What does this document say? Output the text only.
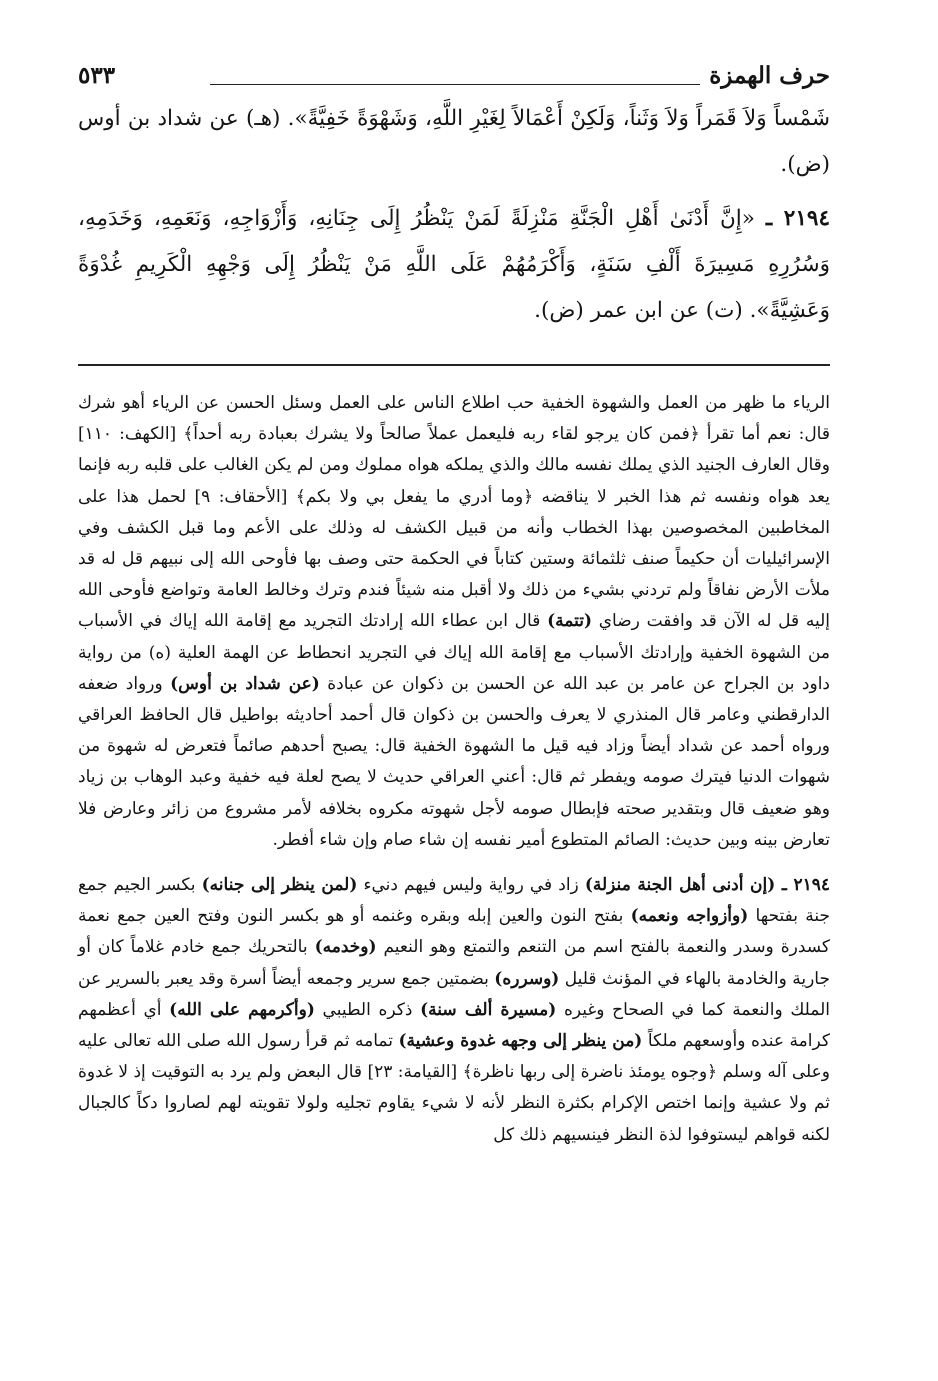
حرف الهمزة
٥٣٣

شَمْساً وَلاَ قَمَراً وَلاَ وَثَناً، وَلَكِنْ أَعْمَالاً لِغَيْرِ اللَّهِ، وَشَهْوَةً خَفِيَّةً». (هـ) عن شداد بن أوس (ض).

٢١٩٤ ـ «إِنَّ أَدْنَىٰ أَهْلِ الْجَنَّةِ مَنْزِلَةً لَمَنْ يَنْظُرُ إِلَى جِنَانِهِ، وَأَزْوَاجِهِ، وَنَعَمِهِ، وَخَدَمِهِ، وَسُرُرِهِ مَسِيرَةَ أَلْفِ سَنَةٍ، وَأَكْرَمُهُمْ عَلَى اللَّهِ مَنْ يَنْظُرُ إِلَى وَجْهِهِ الْكَرِيمِ غُدْوَةً وَعَشِيَّةً». (ت) عن ابن عمر (ض).

الرياء ما ظهر من العمل والشهوة الخفية حب اطلاع الناس على العمل وسئل الحسن عن الرياء أهو شرك قال: نعم أما تقرأ ﴿فمن كان يرجو لقاء ربه فليعمل عملاً صالحاً ولا يشرك بعبادة ربه أحداً﴾ [الكهف: ١١٠] وقال العارف الجنيد الذي يملك نفسه مالك والذي يملكه هواه مملوك ومن لم يكن الغالب على قلبه ربه فإنما يعد هواه ونفسه ثم هذا الخبر لا يناقضه ﴿وما أدري ما يفعل بي ولا بكم﴾ [الأحقاف: ٩] لحمل هذا على المخاطبين المخصوصين بهذا الخطاب وأنه من قبيل الكشف له وذلك على الأعم وما قبل الكشف وفي الإسرائيليات أن حكيماً صنف ثلثمائة وستين كتاباً في الحكمة حتى وصف بها فأوحى الله إلى نبيهم قل له قد ملأت الأرض نفاقاً ولم تردني بشيء من ذلك ولا أقبل منه شيئاً فندم وترك وخالط العامة وتواضع فأوحى الله إليه قل له الآن قد وافقت رضاي (تتمة) قال ابن عطاء الله إرادتك التجريد مع إقامة الله إياك في الأسباب من الشهوة الخفية وإرادتك الأسباب مع إقامة الله إياك في التجريد انحطاط عن الهمة العلية (ه) من رواية داود بن الجراح عن عامر بن عبد الله عن الحسن بن ذكوان عن عبادة (عن شداد بن أوس) ورواد ضعفه الدارقطني وعامر قال المنذري لا يعرف والحسن بن ذكوان قال أحمد أحاديثه بواطيل قال الحافظ العراقي ورواه أحمد عن شداد أيضاً وزاد فيه قيل ما الشهوة الخفية قال: يصبح أحدهم صائماً فتعرض له شهوة من شهوات الدنيا فيترك صومه ويفطر ثم قال: أعني العراقي حديث لا يصح لعلة فيه خفية وعبد الوهاب بن زياد وهو ضعيف قال وبتقدير صحته فإبطال صومه لأجل شهوته مكروه بخلافه لأمر مشروع من زائر وعارض فلا تعارض بينه وبين حديث: الصائم المتطوع أمير نفسه إن شاء صام وإن شاء أفطر.

٢١٩٤ ـ (إن أدنى أهل الجنة منزلة) زاد في رواية وليس فيهم دنيء (لمن ينظر إلى جنانه) بكسر الجيم جمع جنة بفتحها (وأزواجه ونعمه) بفتح النون والعين إبله وبقره وغنمه أو هو بكسر النون وفتح العين جمع نعمة كسدرة وسدر والنعمة بالفتح اسم من التنعم والتمتع وهو النعيم (وخدمه) بالتحريك جمع خادم غلاماً كان أو جارية والخادمة بالهاء في المؤنث قليل (وسرره) بضمتين جمع سرير وجمعه أيضاً أسرة وقد يعبر بالسرير عن الملك والنعمة كما في الصحاح وغيره (مسيرة ألف سنة) ذكره الطيبي (وأكرمهم على الله) أي أعظمهم كرامة عنده وأوسعهم ملكاً (من ينظر إلى وجهه غدوة وعشية) تمامه ثم قرأ رسول الله صلى الله تعالى عليه وعلى آله وسلم ﴿وجوه يومئذ ناضرة إلى ربها ناظرة﴾ [القيامة: ٢٣] قال البعض ولم يرد به التوقيت إذ لا غدوة ثم ولا عشية وإنما اختص الإكرام بكثرة النظر لأنه لا شيء يقاوم تجليه ولولا تقويته لهم لصاروا دكاً كالجبال لكنه قواهم ليستوفوا لذة النظر فينسيهم ذلك كل
